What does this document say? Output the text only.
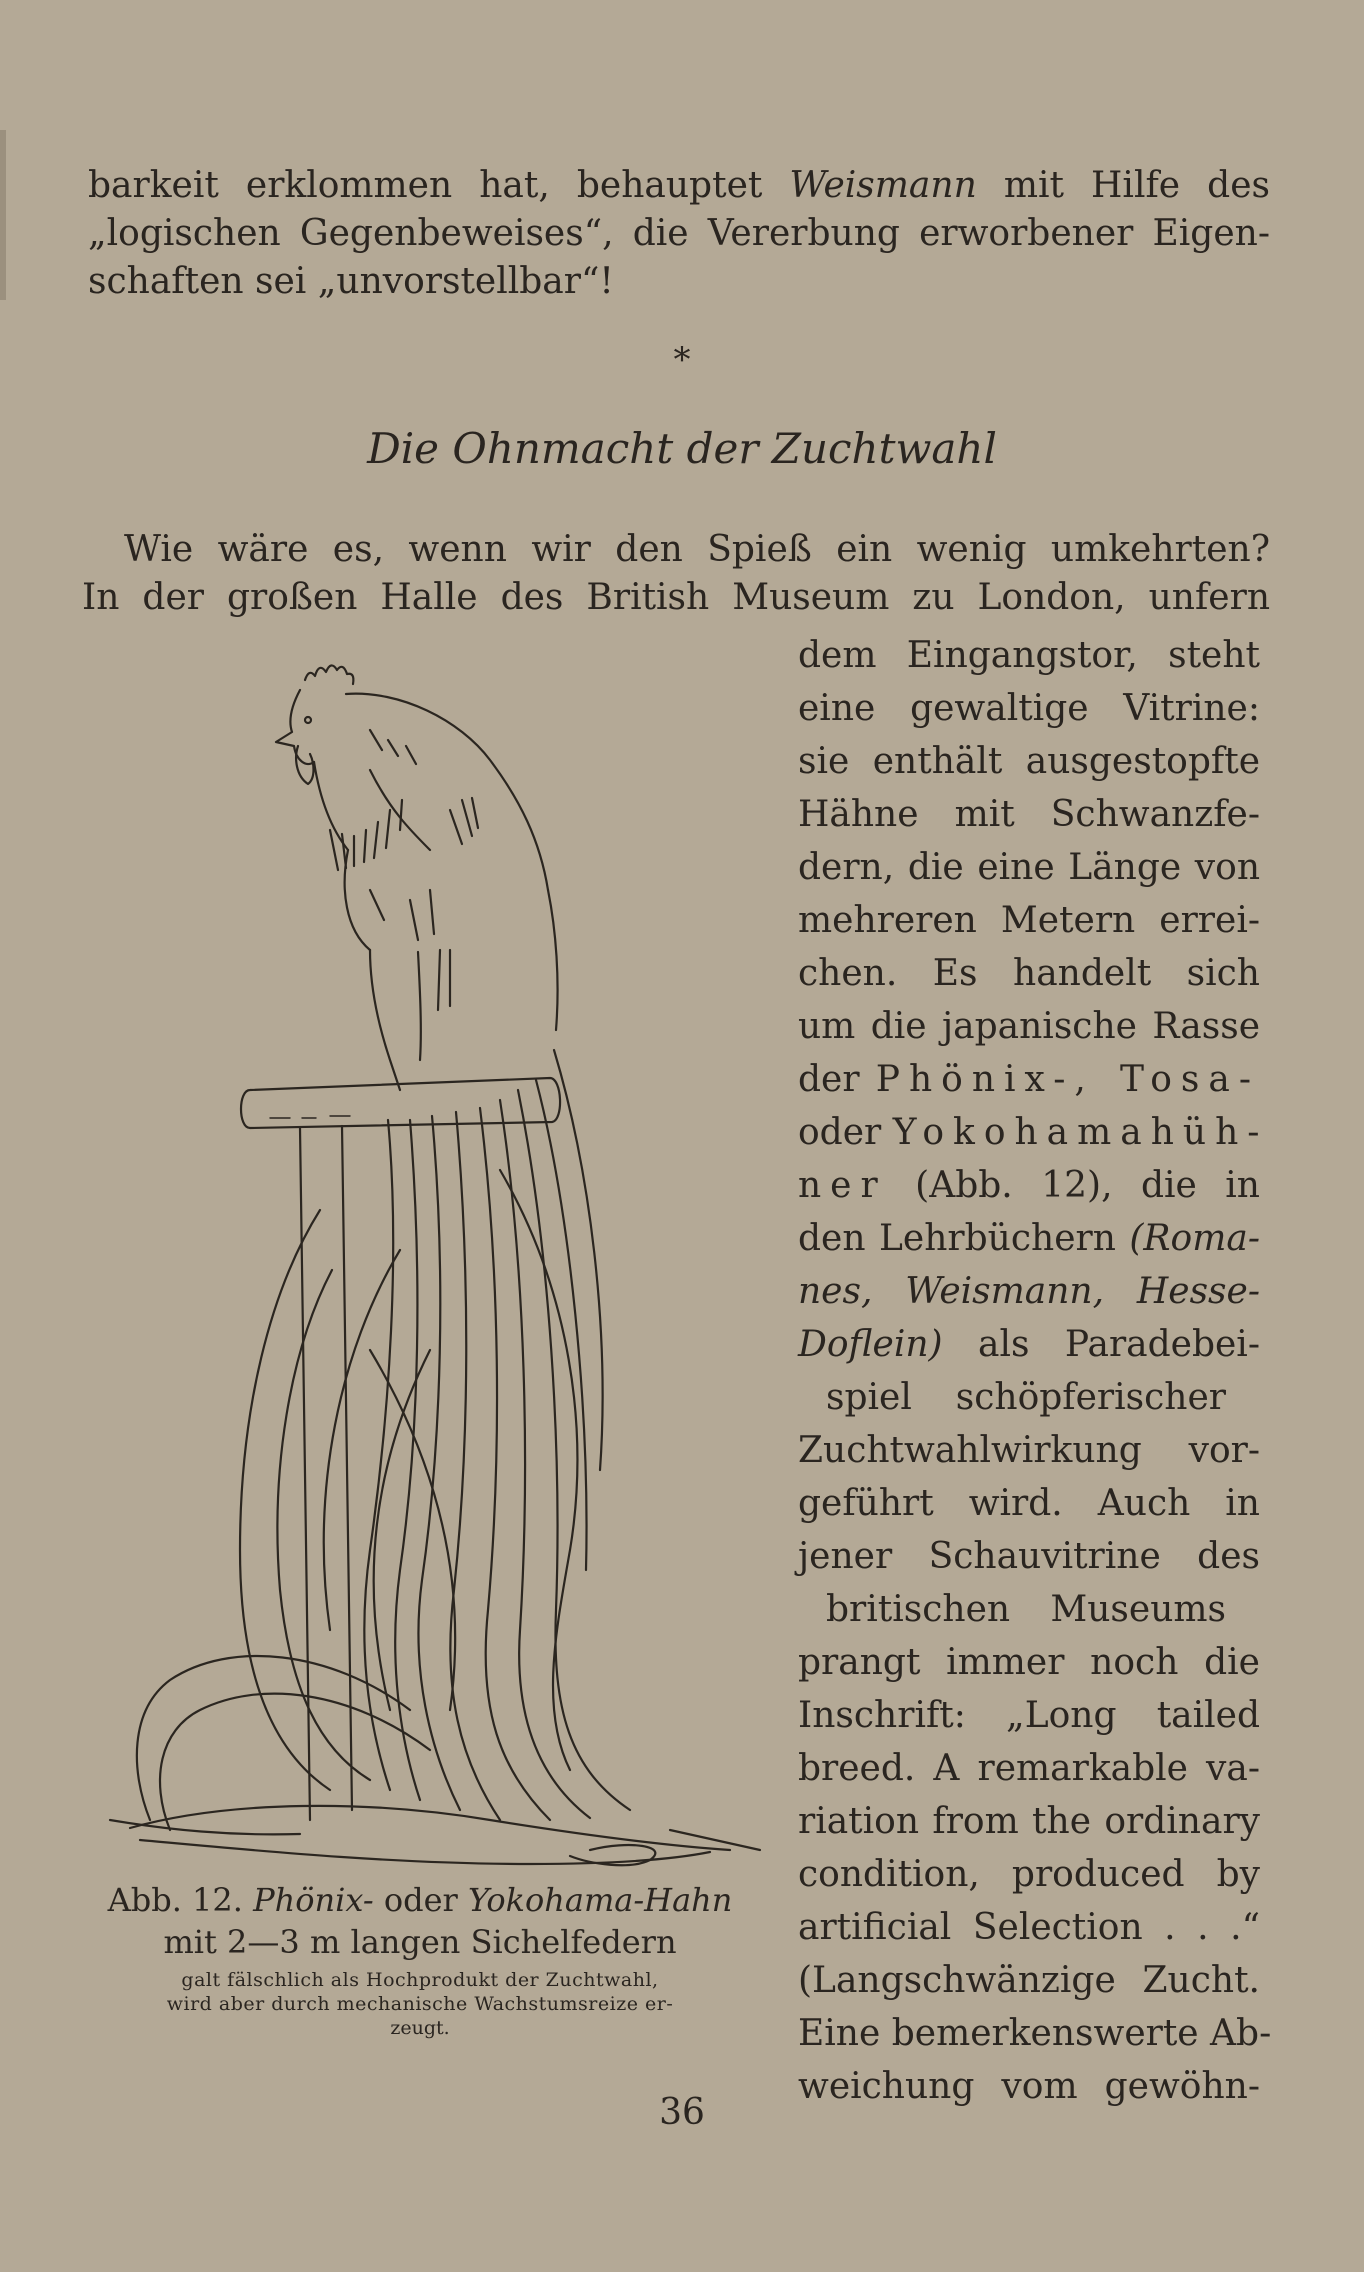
barkeit erklommen hat, behauptet Weismann mit Hilfe des
„logischen Gegenbeweises“, die Vererbung erworbener Eigen-
schaften sei „unvorstellbar“!
*
Die Ohnmacht der Zuchtwahl
Wie wäre es, wenn wir den Spieß ein wenig umkehrten?
In der großen Halle des British Museum zu London, unfern
dem Eingangstor, steht
eine gewaltige Vitrine:
sie enthält ausgestopfte
Hähne mit Schwanzfe-
dern, die eine Länge von
mehreren Metern errei-
chen. Es handelt sich
um die japanische Rasse
der Phönix-, Tosa-
oder Yokohamahüh-
ner (Abb. 12), die in
den Lehrbüchern (Roma-
nes, Weismann, Hesse-
Doflein) als Paradebei-
spiel schöpferischer
Zuchtwahlwirkung vor-
geführt wird. Auch in
jener Schauvitrine des
britischen Museums
prangt immer noch die
Inschrift: „Long tailed
breed. A remarkable va-
riation from the ordinary
condition, produced by
artificial Selection . . .“
(Langschwänzige Zucht.
Eine bemerkenswerte Ab-
weichung vom gewöhn-
Abb. 12. Phönix- oder Yokohama-Hahn
mit 2—3 m langen Sichelfedern
galt fälschlich als Hochprodukt der Zuchtwahl,
wird aber durch mechanische Wachstumsreize er-
zeugt.
36
